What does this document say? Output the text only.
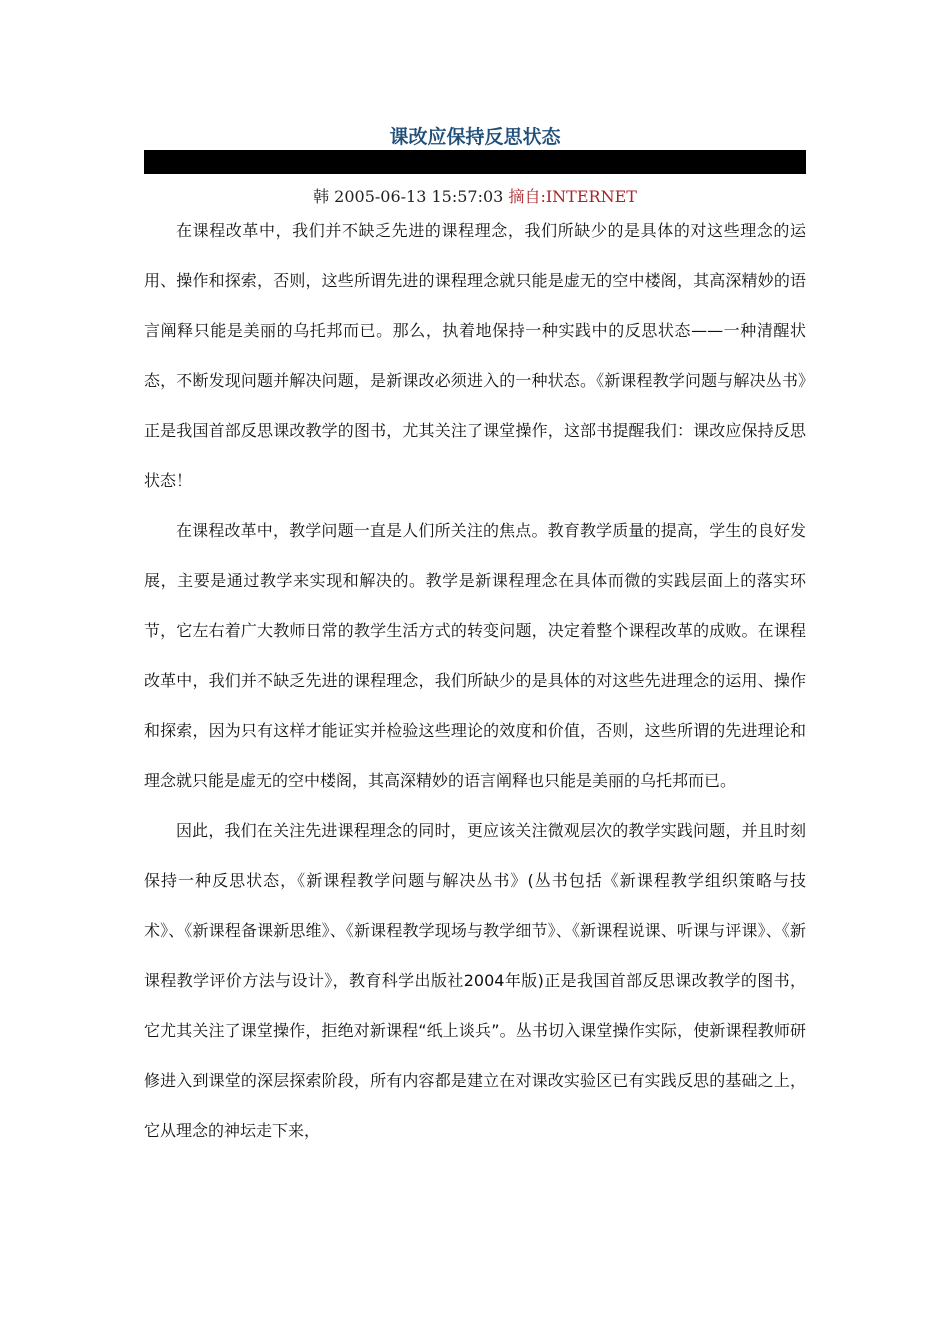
课改应保持反思状态
韩 2005-06-13 15:57:03 摘自:INTERNET

在课程改革中，我们并不缺乏先进的课程理念，我们所缺少的是具体的对这些理念的运用、操作和探索，否则，这些所谓先进的课程理念就只能是虚无的空中楼阁，其高深精妙的语言阐释只能是美丽的乌托邦而已。那么，执着地保持一种实践中的反思状态——一种清醒状态，不断发现问题并解决问题，是新课改必须进入的一种状态。《新课程教学问题与解决丛书》正是我国首部反思课改教学的图书，尤其关注了课堂操作，这部书提醒我们：课改应保持反思状态！

在课程改革中，教学问题一直是人们所关注的焦点。教育教学质量的提高，学生的良好发展，主要是通过教学来实现和解决的。教学是新课程理念在具体而微的实践层面上的落实环节，它左右着广大教师日常的教学生活方式的转变问题，决定着整个课程改革的成败。在课程改革中，我们并不缺乏先进的课程理念，我们所缺少的是具体的对这些先进理念的运用、操作和探索，因为只有这样才能证实并检验这些理论的效度和价值，否则，这些所谓的先进理论和理念就只能是虚无的空中楼阁，其高深精妙的语言阐释也只能是美丽的乌托邦而已。

因此，我们在关注先进课程理念的同时，更应该关注微观层次的教学实践问题，并且时刻保持一种反思状态，《新课程教学问题与解决丛书》(丛书包括《新课程教学组织策略与技术》、《新课程备课新思维》、《新课程教学现场与教学细节》、《新课程说课、听课与评课》、《新课程教学评价方法与设计》，教育科学出版社2004年版)正是我国首部反思课改教学的图书，它尤其关注了课堂操作，拒绝对新课程“纸上谈兵”。丛书切入课堂操作实际，使新课程教师研修进入到课堂的深层探索阶段，所有内容都是建立在对课改实验区已有实践反思的基础之上，它从理念的神坛走下来，
